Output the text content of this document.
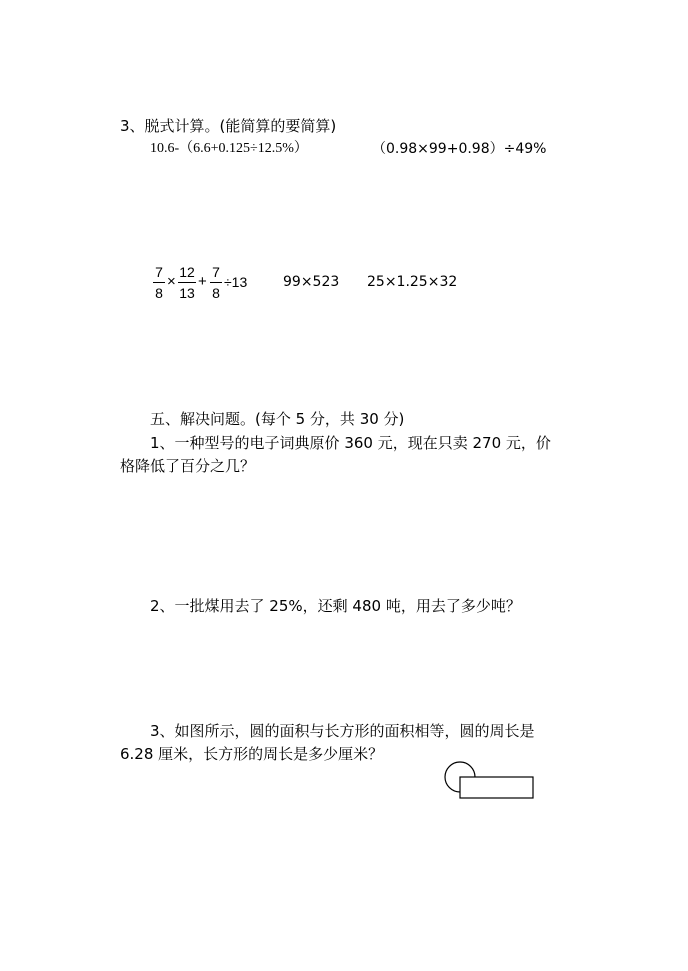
3、脱式计算。(能简算的要简算)
10.6-（6.6+0.125÷12.5%）	（0.98×99+0.98）÷49%
7
8
×
12
13
+
7
8
÷13	99×523 25×1.25×32
五、解决问题。(每个 5 分，共 30 分)
1、一种型号的电子词典原价 360 元，现在只卖 270 元，价
格降低了百分之几？
2、一批煤用去了 25%，还剩 480 吨，用去了多少吨？
3、如图所示，圆的面积与长方形的面积相等，圆的周长是
6.28 厘米，长方形的周长是多少厘米？
